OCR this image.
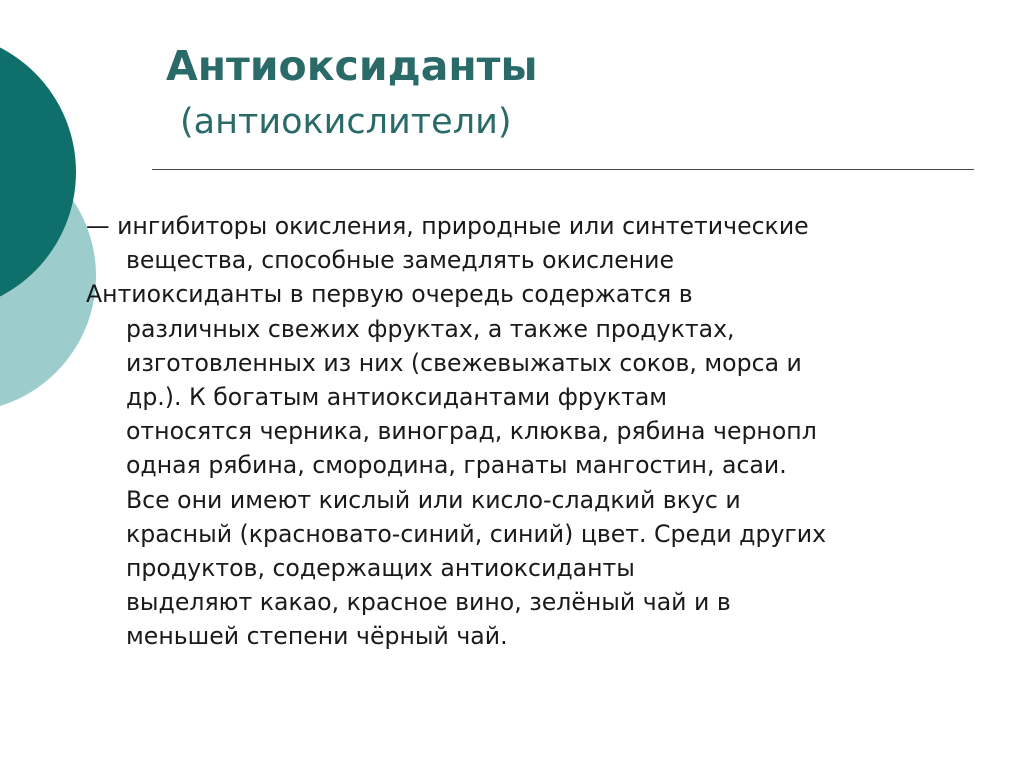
Антиоксиданты
(антиокислители)

— ингибиторы окисления, природные или синтетические
вещества, способные замедлять окисление

Антиоксиданты в первую очередь содержатся в
различных свежих фруктах, а также продуктах,
изготовленных из них (свежевыжатых соков, морса и
др.). К богатым антиоксидантами фруктам
относятся черника, виноград, клюква, рябина чернопл
одная рябина, смородина, гранаты мангостин, асаи.
Все они имеют кислый или кисло-сладкий вкус и
красный (красновато-синий, синий) цвет. Среди других
продуктов, содержащих антиоксиданты
выделяют какао, красное вино, зелёный чай и в
меньшей степени чёрный чай.
